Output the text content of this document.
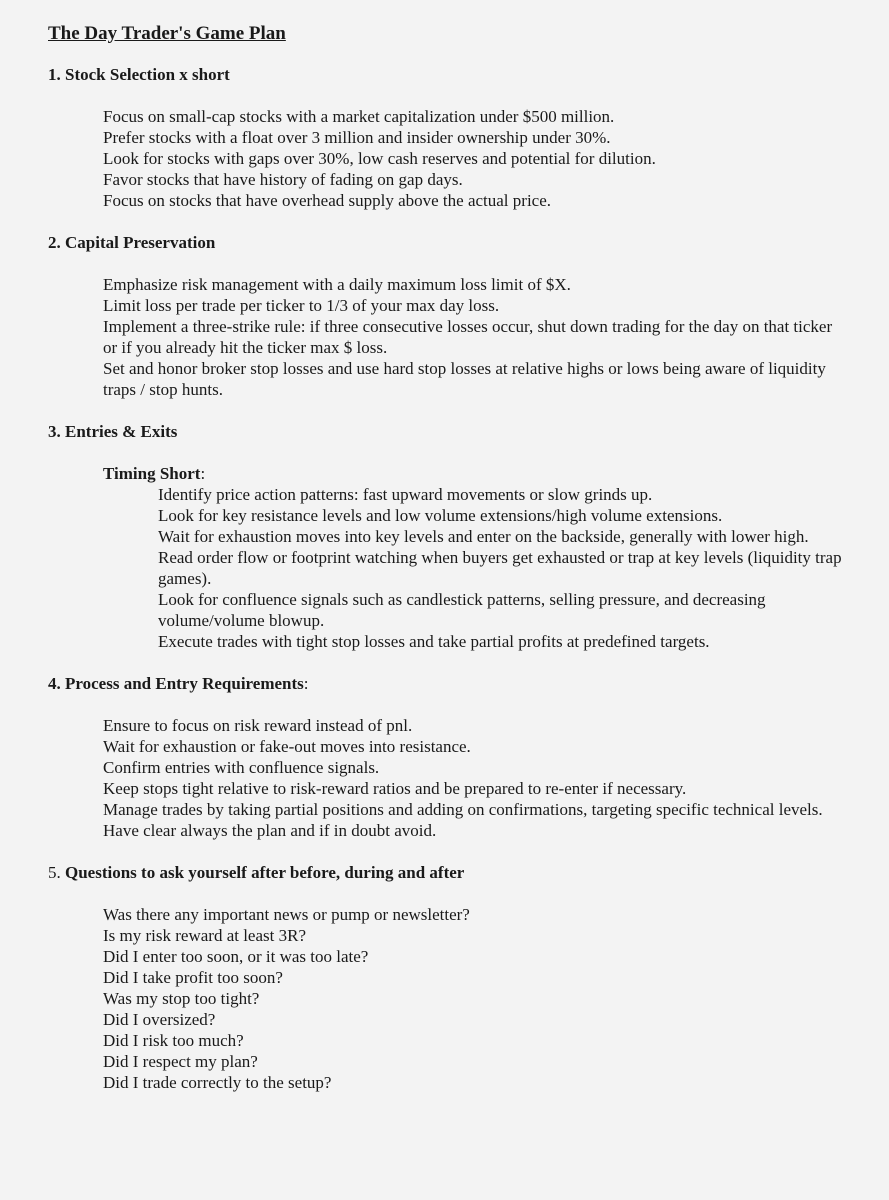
The Day Trader's Game Plan
1. Stock Selection x short
Focus on small-cap stocks with a market capitalization under $500 million.
Prefer stocks with a float over 3 million and insider ownership under 30%.
Look for stocks with gaps over 30%, low cash reserves and potential for dilution.
Favor stocks that have history of fading on gap days.
Focus on stocks that have overhead supply above the actual price.
2. Capital Preservation
Emphasize risk management with a daily maximum loss limit of $X.
Limit loss per trade per ticker to 1/3 of your max day loss.
Implement a three-strike rule: if three consecutive losses occur, shut down trading for the day on that ticker or if you already hit the ticker max $ loss.
Set and honor broker stop losses and use hard stop losses at relative highs or lows being aware of liquidity traps / stop hunts.
3. Entries & Exits
Timing Short:
Identify price action patterns: fast upward movements or slow grinds up.
Look for key resistance levels and low volume extensions/high volume extensions.
Wait for exhaustion moves into key levels and enter on the backside, generally with lower high.
Read order flow or footprint watching when buyers get exhausted or trap at key levels (liquidity trap games).
Look for confluence signals such as candlestick patterns, selling pressure, and decreasing volume/volume blowup.
Execute trades with tight stop losses and take partial profits at predefined targets.
4. Process and Entry Requirements:
Ensure to focus on risk reward instead of pnl.
Wait for exhaustion or fake-out moves into resistance.
Confirm entries with confluence signals.
Keep stops tight relative to risk-reward ratios and be prepared to re-enter if necessary.
Manage trades by taking partial positions and adding on confirmations, targeting specific technical levels.
Have clear always the plan and if in doubt avoid.
5. Questions to ask yourself after before, during and after
Was there any important news or pump or newsletter?
Is my risk reward at least 3R?
Did I enter too soon, or it was too late?
Did I take profit too soon?
Was my stop too tight?
Did I oversized?
Did I risk too much?
Did I respect my plan?
Did I trade correctly to the setup?
